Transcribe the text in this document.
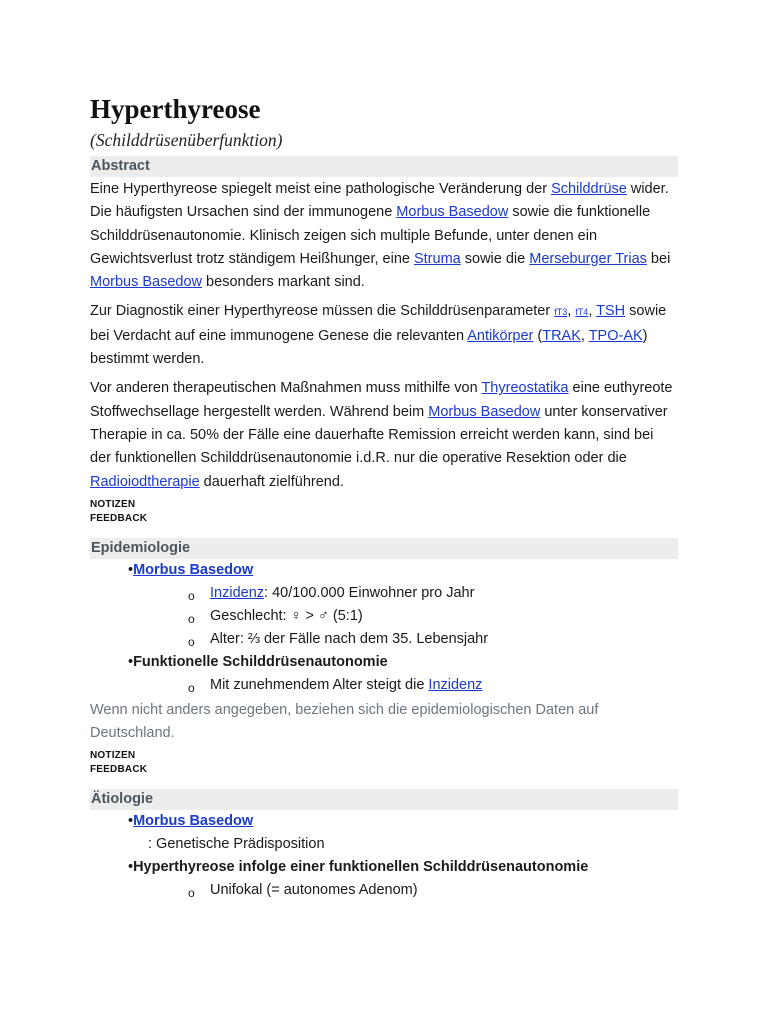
Hyperthyreose
(Schilddrüsenüberfunktion)
Abstract

Eine Hyperthyreose spiegelt meist eine pathologische Veränderung der Schilddrüse wider. Die häufigsten Ursachen sind der immunogene Morbus Basedow sowie die funktionelle Schilddrüsenautonomie. Klinisch zeigen sich multiple Befunde, unter denen ein Gewichtsverlust trotz ständigem Heißhunger, eine Struma sowie die Merseburger Trias bei Morbus Basedow besonders markant sind.

Zur Diagnostik einer Hyperthyreose müssen die Schilddrüsenparameter fT3, fT4, TSH sowie bei Verdacht auf eine immunogene Genese die relevanten Antikörper (TRAK, TPO-AK) bestimmt werden.

Vor anderen therapeutischen Maßnahmen muss mithilfe von Thyreostatika eine euthyreote Stoffwechsellage hergestellt werden. Während beim Morbus Basedow unter konservativer Therapie in ca. 50% der Fälle eine dauerhafte Remission erreicht werden kann, sind bei der funktionellen Schilddrüsenautonomie i.d.R. nur die operative Resektion oder die Radioiodtherapie dauerhaft zielführend.

NOTIZEN
FEEDBACK
Epidemiologie
•Morbus Basedow
o Inzidenz: 40/100.000 Einwohner pro Jahr
o Geschlecht: ♀ > ♂ (5:1)
o Alter: ⅔ der Fälle nach dem 35. Lebensjahr
•Funktionelle Schilddrüsenautonomie
o Mit zunehmendem Alter steigt die Inzidenz
Wenn nicht anders angegeben, beziehen sich die epidemiologischen Daten auf Deutschland.
NOTIZEN
FEEDBACK
Ätiologie
•Morbus Basedow
: Genetische Prädisposition
•Hyperthyreose infolge einer funktionellen Schilddrüsenautonomie
o Unifokal (= autonomes Adenom)
